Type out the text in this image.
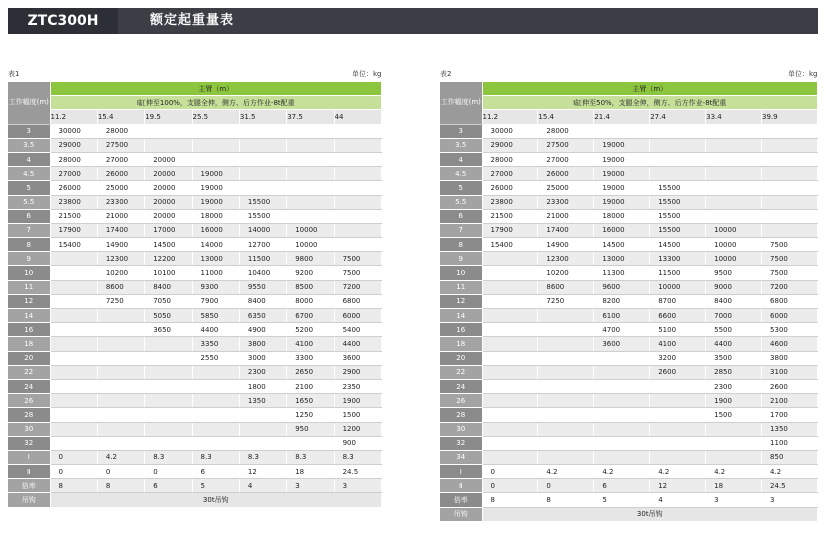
ZTC300H	额定起重量表
表1	单位：kg	表2	单位：kg
工作幅度(m)	主臂（m）						
	Ⅰ缸伸至100%，支腿全伸，侧方、后方作业-8t配重						
	11.2	15.4	19.5	25.5	31.5	37.5	44
3	30000	28000					
3.5	29000	27500					
4	28000	27000	20000				
4.5	27000	26000	20000	19000			
5	26000	25000	20000	19000			
5.5	23800	23300	20000	19000	15500		
6	21500	21000	20000	18000	15500		
7	17900	17400	17000	16000	14000	10000	
8	15400	14900	14500	14000	12700	10000	
9		12300	12200	13000	11500	9800	7500
10		10200	10100	11000	10400	9200	7500
11		8600	8400	9300	9550	8500	7200
12		7250	7050	7900	8400	8000	6800
14			5050	5850	6350	6700	6000
16			3650	4400	4900	5200	5400
18				3350	3800	4100	4400
20				2550	3000	3300	3600
22					2300	2650	2900
24					1800	2100	2350
26					1350	1650	1900
28						1250	1500
30						950	1200
32							900
Ⅰ	0	4.2	8.3	8.3	8.3	8.3	8.3
Ⅱ	0	0	0	6	12	18	24.5
倍率	8	8	6	5	4	3	3
吊钩	30t吊钩						
工作幅度(m)	主臂（m）					
	Ⅰ缸伸至50%，支腿全伸，侧方、后方作业-8t配重					
	11.2	15.4	21.4	27.4	33.4	39.9
3	30000	28000				
3.5	29000	27500	19000			
4	28000	27000	19000			
4.5	27000	26000	19000			
5	26000	25000	19000	15500		
5.5	23800	23300	19000	15500		
6	21500	21000	18000	15500		
7	17900	17400	16000	15500	10000	
8	15400	14900	14500	14500	10000	7500
9		12300	13000	13300	10000	7500
10		10200	11300	11500	9500	7500
11		8600	9600	10000	9000	7200
12		7250	8200	8700	8400	6800
14			6100	6600	7000	6000
16			4700	5100	5500	5300
18			3600	4100	4400	4600
20				3200	3500	3800
22				2600	2850	3100
24					2300	2600
26					1900	2100
28					1500	1700
30						1350
32						1100
34						850
Ⅰ	0	4.2	4.2	4.2	4.2	4.2
Ⅱ	0	0	6	12	18	24.5
倍率	8	8	5	4	3	3
吊钩	30t吊钩					
